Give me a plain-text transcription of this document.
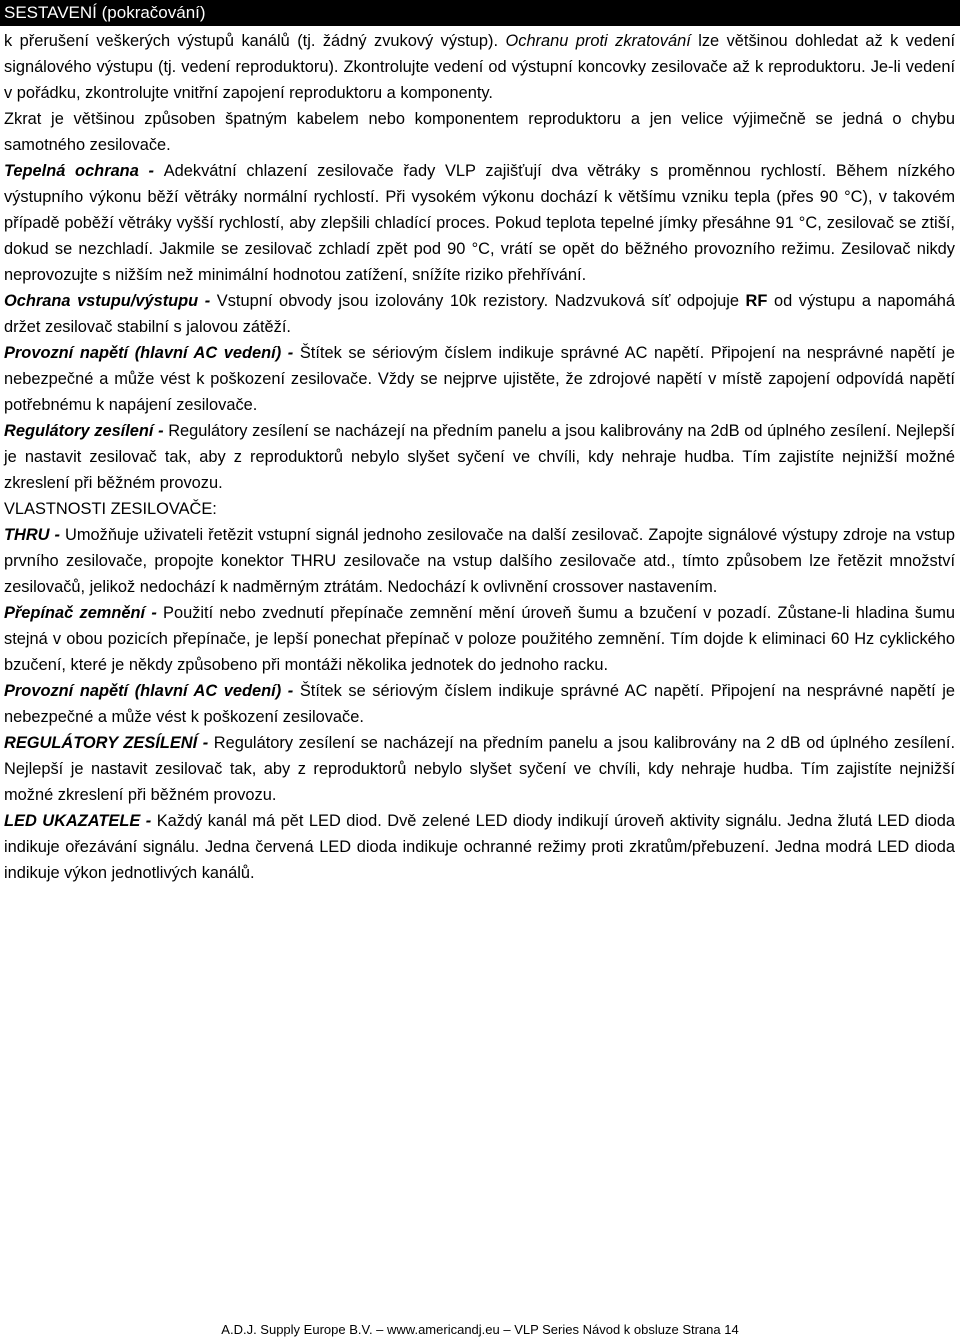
SESTAVENÍ (pokračování)

k přerušení veškerých výstupů kanálů (tj. žádný zvukový výstup). Ochranu proti zkratování lze většinou dohledat až k vedení signálového výstupu (tj. vedení reproduktoru). Zkontrolujte vedení od výstupní koncovky zesilovače až k reproduktoru. Je-li vedení v pořádku, zkontrolujte vnitřní zapojení reproduktoru a komponenty.

Zkrat je většinou způsoben špatným kabelem nebo komponentem reproduktoru a jen velice výjimečně se jedná o chybu samotného zesilovače.

Tepelná ochrana - Adekvátní chlazení zesilovače řady VLP zajišťují dva větráky s proměnnou rychlostí. Během nízkého výstupního výkonu běží větráky normální rychlostí. Při vysokém výkonu dochází k většímu vzniku tepla (přes 90 °C), v takovém případě poběží větráky vyšší rychlostí, aby zlepšili chladící proces. Pokud teplota tepelné jímky přesáhne 91 °C, zesilovač se ztiší, dokud se nezchladí. Jakmile se zesilovač zchladí zpět pod 90 °C, vrátí se opět do běžného provozního režimu. Zesilovač nikdy neprovozujte s nižším než minimální hodnotou zatížení, snížíte riziko přehřívání.

Ochrana vstupu/výstupu - Vstupní obvody jsou izolovány 10k rezistory. Nadzvuková síť odpojuje RF od výstupu a napomáhá držet zesilovač stabilní s jalovou zátěží.

Provozní napětí (hlavní AC vedení) - Štítek se sériovým číslem indikuje správné AC napětí. Připojení na nesprávné napětí je nebezpečné a může vést k poškození zesilovače. Vždy se nejprve ujistěte, že zdrojové napětí v místě zapojení odpovídá napětí potřebnému k napájení zesilovače.

Regulátory zesílení - Regulátory zesílení se nacházejí na předním panelu a jsou kalibrovány na 2dB od úplného zesílení. Nejlepší je nastavit zesilovač tak, aby z reproduktorů nebylo slyšet syčení ve chvíli, kdy nehraje hudba. Tím zajistíte nejnižší možné zkreslení při běžném provozu.

VLASTNOSTI ZESILOVAČE:

THRU - Umožňuje uživateli řetězit vstupní signál jednoho zesilovače na další zesilovač. Zapojte signálové výstupy zdroje na vstup prvního zesilovače, propojte konektor THRU zesilovače na vstup dalšího zesilovače atd., tímto způsobem lze řetězit množství zesilovačů, jelikož nedochází k nadměrným ztrátám. Nedochází k ovlivnění crossover nastavením.

Přepínač zemnění - Použití nebo zvednutí přepínače zemnění mění úroveň šumu a bzučení v pozadí. Zůstane-li hladina šumu stejná v obou pozicích přepínače, je lepší ponechat přepínač v poloze použitého zemnění. Tím dojde k eliminaci 60 Hz cyklického bzučení, které je někdy způsobeno při montáži několika jednotek do jednoho racku.

Provozní napětí (hlavní AC vedení) - Štítek se sériovým číslem indikuje správné AC napětí. Připojení na nesprávné napětí je nebezpečné a může vést k poškození zesilovače.

REGULÁTORY ZESÍLENÍ - Regulátory zesílení se nacházejí na předním panelu a jsou kalibrovány na 2 dB od úplného zesílení. Nejlepší je nastavit zesilovač tak, aby z reproduktorů nebylo slyšet syčení ve chvíli, kdy nehraje hudba. Tím zajistíte nejnižší možné zkreslení při běžném provozu.

LED UKAZATELE - Každý kanál má pět LED diod. Dvě zelené LED diody indikují úroveň aktivity signálu. Jedna žlutá LED dioda indikuje ořezávání signálu. Jedna červená LED dioda indikuje ochranné režimy proti zkratům/přebuzení. Jedna modrá LED dioda indikuje výkon jednotlivých kanálů.

A.D.J. Supply Europe B.V. – www.americandj.eu – VLP Series Návod k obsluze Strana 14
